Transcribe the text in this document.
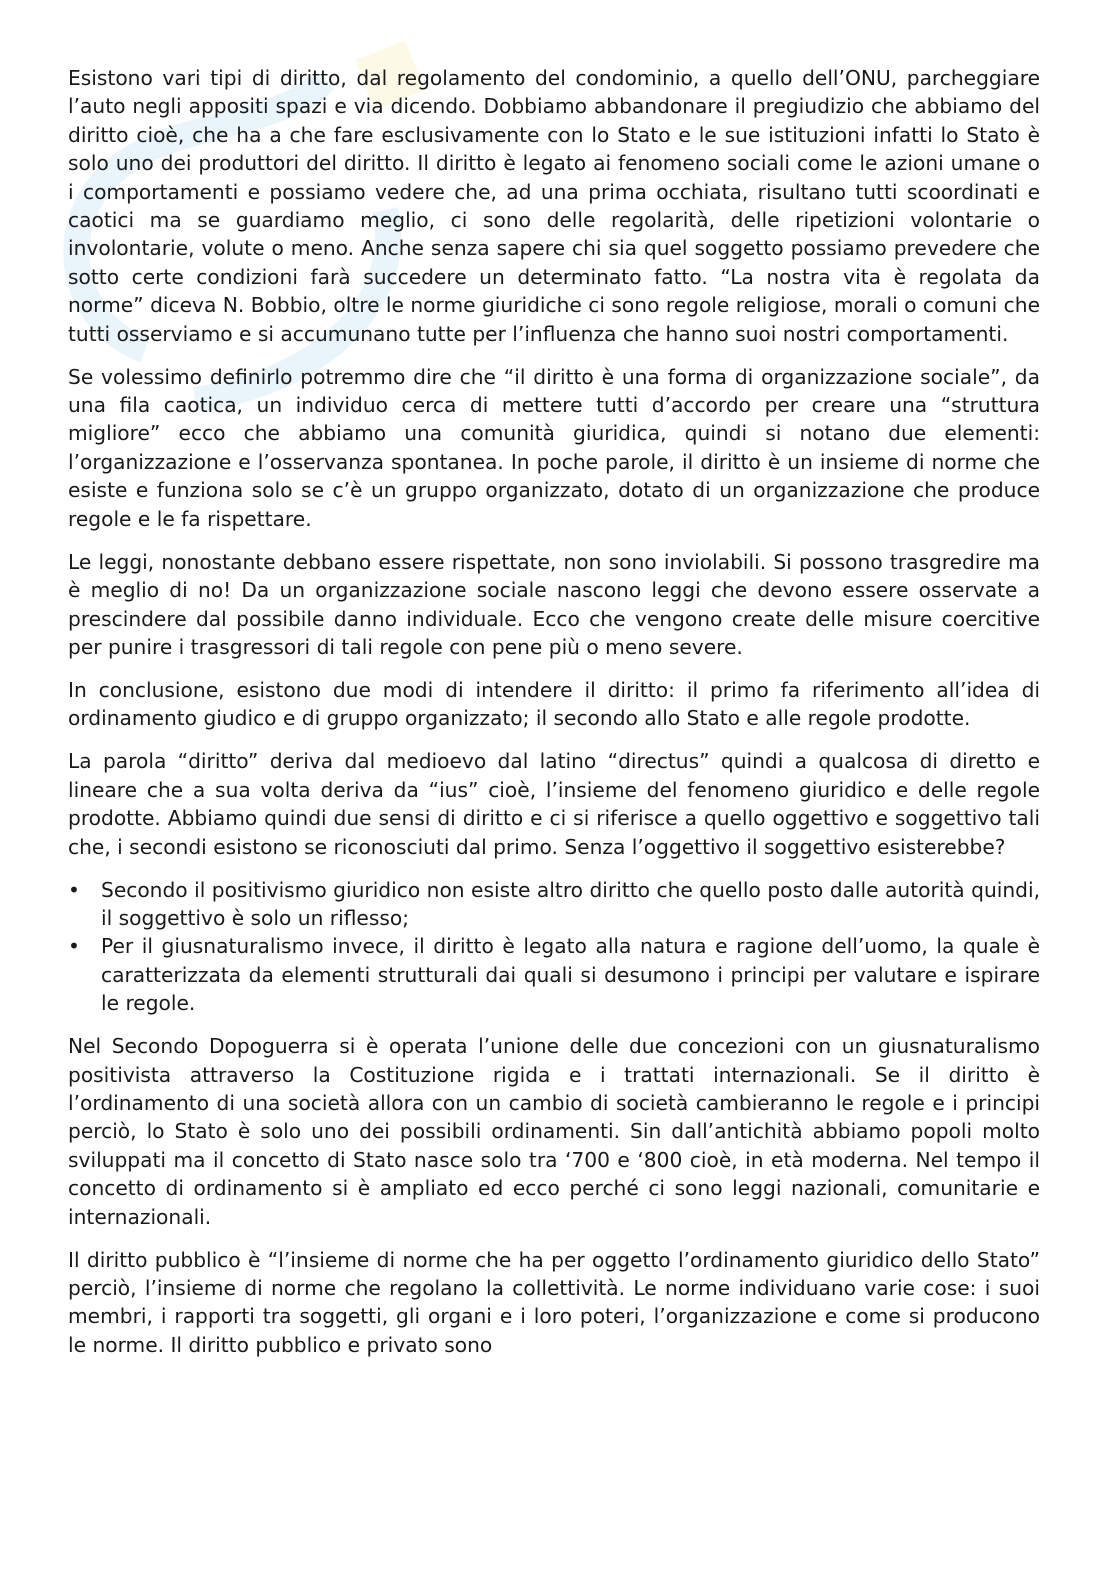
Esistono vari tipi di diritto, dal regolamento del condominio, a quello dell’ONU, parcheggiare l’auto negli appositi spazi e via dicendo. Dobbiamo abbandonare il pregiudizio che abbiamo del diritto cioè, che ha a che fare esclusivamente con lo Stato e le sue istituzioni infatti lo Stato è solo uno dei produttori del diritto. Il diritto è legato ai fenomeno sociali come le azioni umane o i comportamenti e possiamo vedere che, ad una prima occhiata, risultano tutti scoordinati e caotici ma se guardiamo meglio, ci sono delle regolarità, delle ripetizioni volontarie o involontarie, volute o meno. Anche senza sapere chi sia quel soggetto possiamo prevedere che sotto certe condizioni farà succedere un determinato fatto. “La nostra vita è regolata da norme” diceva N. Bobbio, oltre le norme giuridiche ci sono regole religiose, morali o comuni che tutti osserviamo e si accumunano tutte per l’influenza che hanno suoi nostri comportamenti.

Se volessimo definirlo potremmo dire che “il diritto è una forma di organizzazione sociale”, da una fila caotica, un individuo cerca di mettere tutti d’accordo per creare una “struttura migliore” ecco che abbiamo una comunità giuridica, quindi si notano due elementi: l’organizzazione e l’osservanza spontanea. In poche parole, il diritto è un insieme di norme che esiste e funziona solo se c’è un gruppo organizzato, dotato di un organizzazione che produce regole e le fa rispettare.

Le leggi, nonostante debbano essere rispettate, non sono inviolabili. Si possono trasgredire ma è meglio di no! Da un organizzazione sociale nascono leggi che devono essere osservate a prescindere dal possibile danno individuale. Ecco che vengono create delle misure coercitive per punire i trasgressori di tali regole con pene più o meno severe.

In conclusione, esistono due modi di intendere il diritto: il primo fa riferimento all’idea di ordinamento giudico e di gruppo organizzato; il secondo allo Stato e alle regole prodotte.

La parola “diritto” deriva dal medioevo dal latino “directus” quindi a qualcosa di diretto e lineare che a sua volta deriva da “ius” cioè, l’insieme del fenomeno giuridico e delle regole prodotte. Abbiamo quindi due sensi di diritto e ci si riferisce a quello oggettivo e soggettivo tali che, i secondi esistono se riconosciuti dal primo. Senza l’oggettivo il soggettivo esisterebbe?

•	Secondo il positivismo giuridico non esiste altro diritto che quello posto dalle autorità quindi, il soggettivo è solo un riflesso;
•	Per il giusnaturalismo invece, il diritto è legato alla natura e ragione dell’uomo, la quale è caratterizzata da elementi strutturali dai quali si desumono i principi per valutare e ispirare le regole.

Nel Secondo Dopoguerra si è operata l’unione delle due concezioni con un giusnaturalismo positivista attraverso la Costituzione rigida e i trattati internazionali. Se il diritto è l’ordinamento di una società allora con un cambio di società cambieranno le regole e i principi perciò, lo Stato è solo uno dei possibili ordinamenti. Sin dall’antichità abbiamo popoli molto sviluppati ma il concetto di Stato nasce solo tra ‘700 e ‘800 cioè, in età moderna. Nel tempo il concetto di ordinamento si è ampliato ed ecco perché ci sono leggi nazionali, comunitarie e internazionali.

Il diritto pubblico è “l’insieme di norme che ha per oggetto l’ordinamento giuridico dello Stato” perciò, l’insieme di norme che regolano la collettività. Le norme individuano varie cose: i suoi membri, i rapporti tra soggetti, gli organi e i loro poteri, l’organizzazione e come si producono le norme. Il diritto pubblico e privato sono
